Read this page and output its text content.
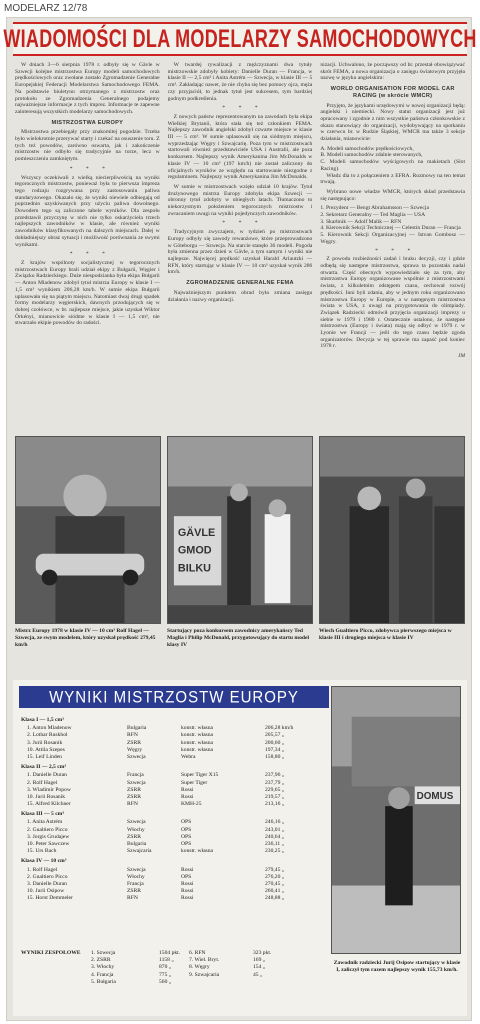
MODELARZ 12/78
WIADOMOŚCI DLA MODELARZY SAMOCHODOWYCH

W dniach 3—6 sierpnia 1978 r. odbyły się w Gävle w Szwecji kolejne mistrzostwa Europy modeli samochodowych prędkościowych oraz zwołane zostało Zgromadzenie Generalne Europejskiej Federacji Modelarstwa Samochodowego FEMA. Na podstawie biuletynu otrzymanego z mistrzostw oraz protokołu ze Zgromadzenia Generalnego podajemy najważniejsze informacje z tych imprez. Informacje te zapewne zainteresują wszystkich modelarzy samochodowych.

MISTRZOSTWA EUROPY

Mistrzostwa przebiegały przy znakomitej pogodzie. Trzeba było wielokrotnie przerywać starty i czekać na osuszenie toru. Z tych też powodów, zarówno oswarta, jak i zakończenie mistrzostw nie odbyło się tradycyjnie na torze, lecz w pomieszczeniu zamkniętym.

* * *

Wszyscy oczekiwali z wielką niecierpliwością na wyniki tegorocznych mistrzostw, ponieważ była to pierwsza impreza tego rodzaju rozgrywana przy zastosowaniu paliwa standaryzowego. Okazało się, że wyniki niewiele odbiegają od poprzednio uzyskiwanych przy użyciu paliwa dowolnego. Dowodem tego są zaliczone tabele wyników. Dla zespołu przedstawił przyczynę w nich nie tylko oskarżyciela trzech najlepszych zawodników w klasie, ale również wyniki zawodników klasyfikowanych na dalszych miejscach. Dalej w dokładniejszy obraz sytuacji i możliwość porównania ze swymi wynikami.

* * *

Z krajów wspólnoty socjalistycznej w tegorocznych mistrzostwach Europy brali udział ekipy z Bułgarii, Węgier i Związku Radzieckiego. Duże niespodzianka była ekipa Bułgarii — Anton Mladenow zdobył tytuł mistrza Europy w klasie I — 1,5 cm³ wynikiem 206,28 km/h. W sumie ekipa Bułgarii uplasowała się na piątym miejscu. Natomiast dwaj drugi spadek formy modelarzy węgierskich, dawnych przodujących się w dobrej czołówce, w br. najlepsze miejsce, jakie uzyskał Wiktor Örkényi, mianowicie siódme w klasie I — 1,5 cm³, nie stwarzało ekipie powodów do radości.

W twardej rywalizacji z mężczyznami dwa tytuły mistrzowskie zdobyły kobiety: Danielle Duran — Francja, w klasie II — 2,5 cm³ i Anita Astrém — Szwecja, w klasie III — 5 cm³. Zakładając nawet, że nie chyba się bez pomocy ojca, męża czy przyjaciół, to jednak tytuł jest sukcesem, tym bardziej godnym podkreślenia.

* * *

Z nowych państw reprezentowanym na zawodach była ekipa Wielkiej Brytanii, która stała się też członkiem FEMA. Najlepszy zawodnik angielski zdobył czwarte miejsce w klasie III — 5 cm³. W sumie uplasowali się na siódmym miejscu, wyprzedzając Węgry i Szwajcarię. Poza tym w mistrzostwach startowali również przedstawiciele USA i Australii, ale poza konkursem. Najlepszy wynik Amerykanina Jim McDonalds w klasie IV — 10 cm³ (197 km/h) nie został zaliczony do oficjalnych wyników ze względu na startowanie niezgodne z regulaminem. Najlepszy wynik Amerykanina Jim McDonalds.

W sumie w mistrzostwach wzięło udział 10 krajów. Tytuł drużynowego mistrza Europy zdobyła ekipa Szwecji — obronny tytuł zdobyty w ubiegłych latach. Tłumaczono to niekorzystnym położeniem tegorocznych mistrzostw i zwracaniem uwagi na wyniki pojedynczych zawodników.

* * *

Tradycyjnym zwyczajem, w tydzień po mistrzostwach Europy odbyły się zawody rewanżowe, które przeprowadzono w Göteborgu — Szwecja. Na starcie stanęło 36 modeli. Pogoda była zmienna przez dzień w Gävle, a tym samym i wyniki nie najlepsze. Najwięcej prędkość uzyskał Harald Arlautzki — RFN, który startując w klasie IV — 10 cm³ uzyskał wynik 286 km/h.

ZGROMADZENIE GENERALNE FEMA

Najważniejszym punktem obrad była zmiana zasięgu działania i nazwy organizacji.

nizacji. Uchwalono, że począwszy od br. przestał obowiązywać skrót FEMA, a nowa organizacja o zasięgu światowym przyjęła nazwę w języku angielskim:

WORLD ORGANISATION FOR MODEL CAR RACING (w skrócie WMCR)

Przyjęto, że językami urzędowymi w nowej organizacji będą: angielski i niemiecki. Nowy statut organizacji jest już opracowany i zgodnie z nim wszystkie państwa członkowskie z okazu stanowiący do organizacji, wydobywający na spotkaniu w czerwcu br. w Rudzie Śląskiej, WMCR ma także 3 sekcje działania, mianowicie:

A. Modeli samochodów prędkościowych,
B. Modeli samochodów zdalnie sterowanych,
C. Modeli samochodów wyścigowych na makietach (Slot Racing).

Władz dla to z połączeniem z EFRA. Rozmowy na ten temat trwają.

Wybrano nowe władze WMCR, których skład przedstawia się następująco:

1. Prezydent — Bengt Abrahamsson — Szwecja
2. Sekretarz Generalny — Ted Maglia — USA
3. Skarbnik — Adolf Malik — RFN
4. Kierownik Sekcji Technicznej — Celestin Duran — Francja
5. Kierownik Sekcji Organizacyjnej — Istvan Gombosz — Węgry.

* * *

Z powodu rozbieżności zadań i braku decyzji, czy i gdzie odbędą się następne mistrzostwa, sprawa ta pozostała nadal otwarta. Część obecnych wypowiedziało się za tym, aby mistrzostwa Europy organizowane wspólnie z mistrzostwami świata, z kilkuletnim odstępem czasu, cechował rozwój prędkości. Inni byli zdania, aby w jednym roku organizowano mistrzostwa Europy w Europie, a w następnym mistrzostwa świata w USA, z uwagi na przygotowania do olimpiady. Związek Radziecki odmówił przyjęcia organizacji imprezy u siebie w 1979 i 1980 r. Ostatecznie ustalono, że następne mistrzostwa (Europy i świata) mają się odbyć w 1979 r. w Lyonie we Francji — jeśli do tego czasu będzie zgoda organizatorów. Decyzja w tej sprawie ma zapaść pod koniec 1978 r.

JM

Mistrz Europy 1978 w klasie IV — 10 cm³ Rolf Hagel — Szwecja, ze swym modelem, który uzyskał prędkość 279,45 km/h
GÄVLE
GMOD
BILKU
Startujący poza konkursem zawodnicy amerykańscy Ted Maglia i Philip McDonald, przygotowujący do startu model klasy IV
Wiech Gualtiero Picco, zdobywca pierwszego miejsca w klasie III i drugiego miejsca w klasie IV
WYNIKI MISTRZOSTW EUROPY
Klasa I — 1,5 cm³
1. Anton Mladenow	Bulgaria	konstr. własna	206,28 km/h
2. Lothar Ruskhol	RFN	konstr. własna	205,57 „
3. Jurii Rosanik	ZSRR	konstr. własna	200,60 „
10. Attila Szepes	Węgry	konstr. własna	197,34 „
15. Leif Linden	Szwecja	Webra	158,80 „
Klasa II — 2,5 cm³
1. Danielle Duran	Francja	Super Tiger X15	237,96 „
2. Rolf Hagel	Szwecja	Super Tiger	237,79 „
3. Wladimir Popow	ZSRR	Rossi	229,65 „
10. Jurii Rosanik	ZSRR	Rossi	219,57 „
15. Alfred Kilchner	RFN	KMH-25	213,16 „
Klasa III — 5 cm³
1. Anita Astrém	Szwecja	OPS	246,16 „
2. Gualtiero Picco	Włochy	OPS	243,01 „
3. Jorgis Grudajew	ZSRR	OPS	240,64 „
10. Peter Sawczew	Bulgaria	OPS	236,11 „
15. Urs Bach	Szwajcaria	konstr. własna	230,25 „
Klasa IV — 10 cm³
1. Rolf Hagel	Szwecja	Rossi	279,45 „
2. Gualtiero Picco	Włochy	OPS	276,20 „
3. Danielle Duran	Francja	Rossi	270,45 „
10. Jurii Osipow	ZSRR	Rossi	260,41 „
15. Horst Demmeler	RFN	Rossi	248,88 „
WYNIKI ZESPOŁOWE	1. Szwecja	1504 pkt.	6. RFN	323 pkt.
2. ZSRR	1158 „	7. Wiel. Bryt.	169 „
3. Włochy	870 „	8. Węgry	154 „
4. Francja	775 „	9. Szwajcaria	45 „
5. Bułgaria	560 „
DOMUS
Zawodnik radziecki Jurij Osipow startujący w klasie I, zaliczył tym razem najlepszy wynik 155,73 km/h.
